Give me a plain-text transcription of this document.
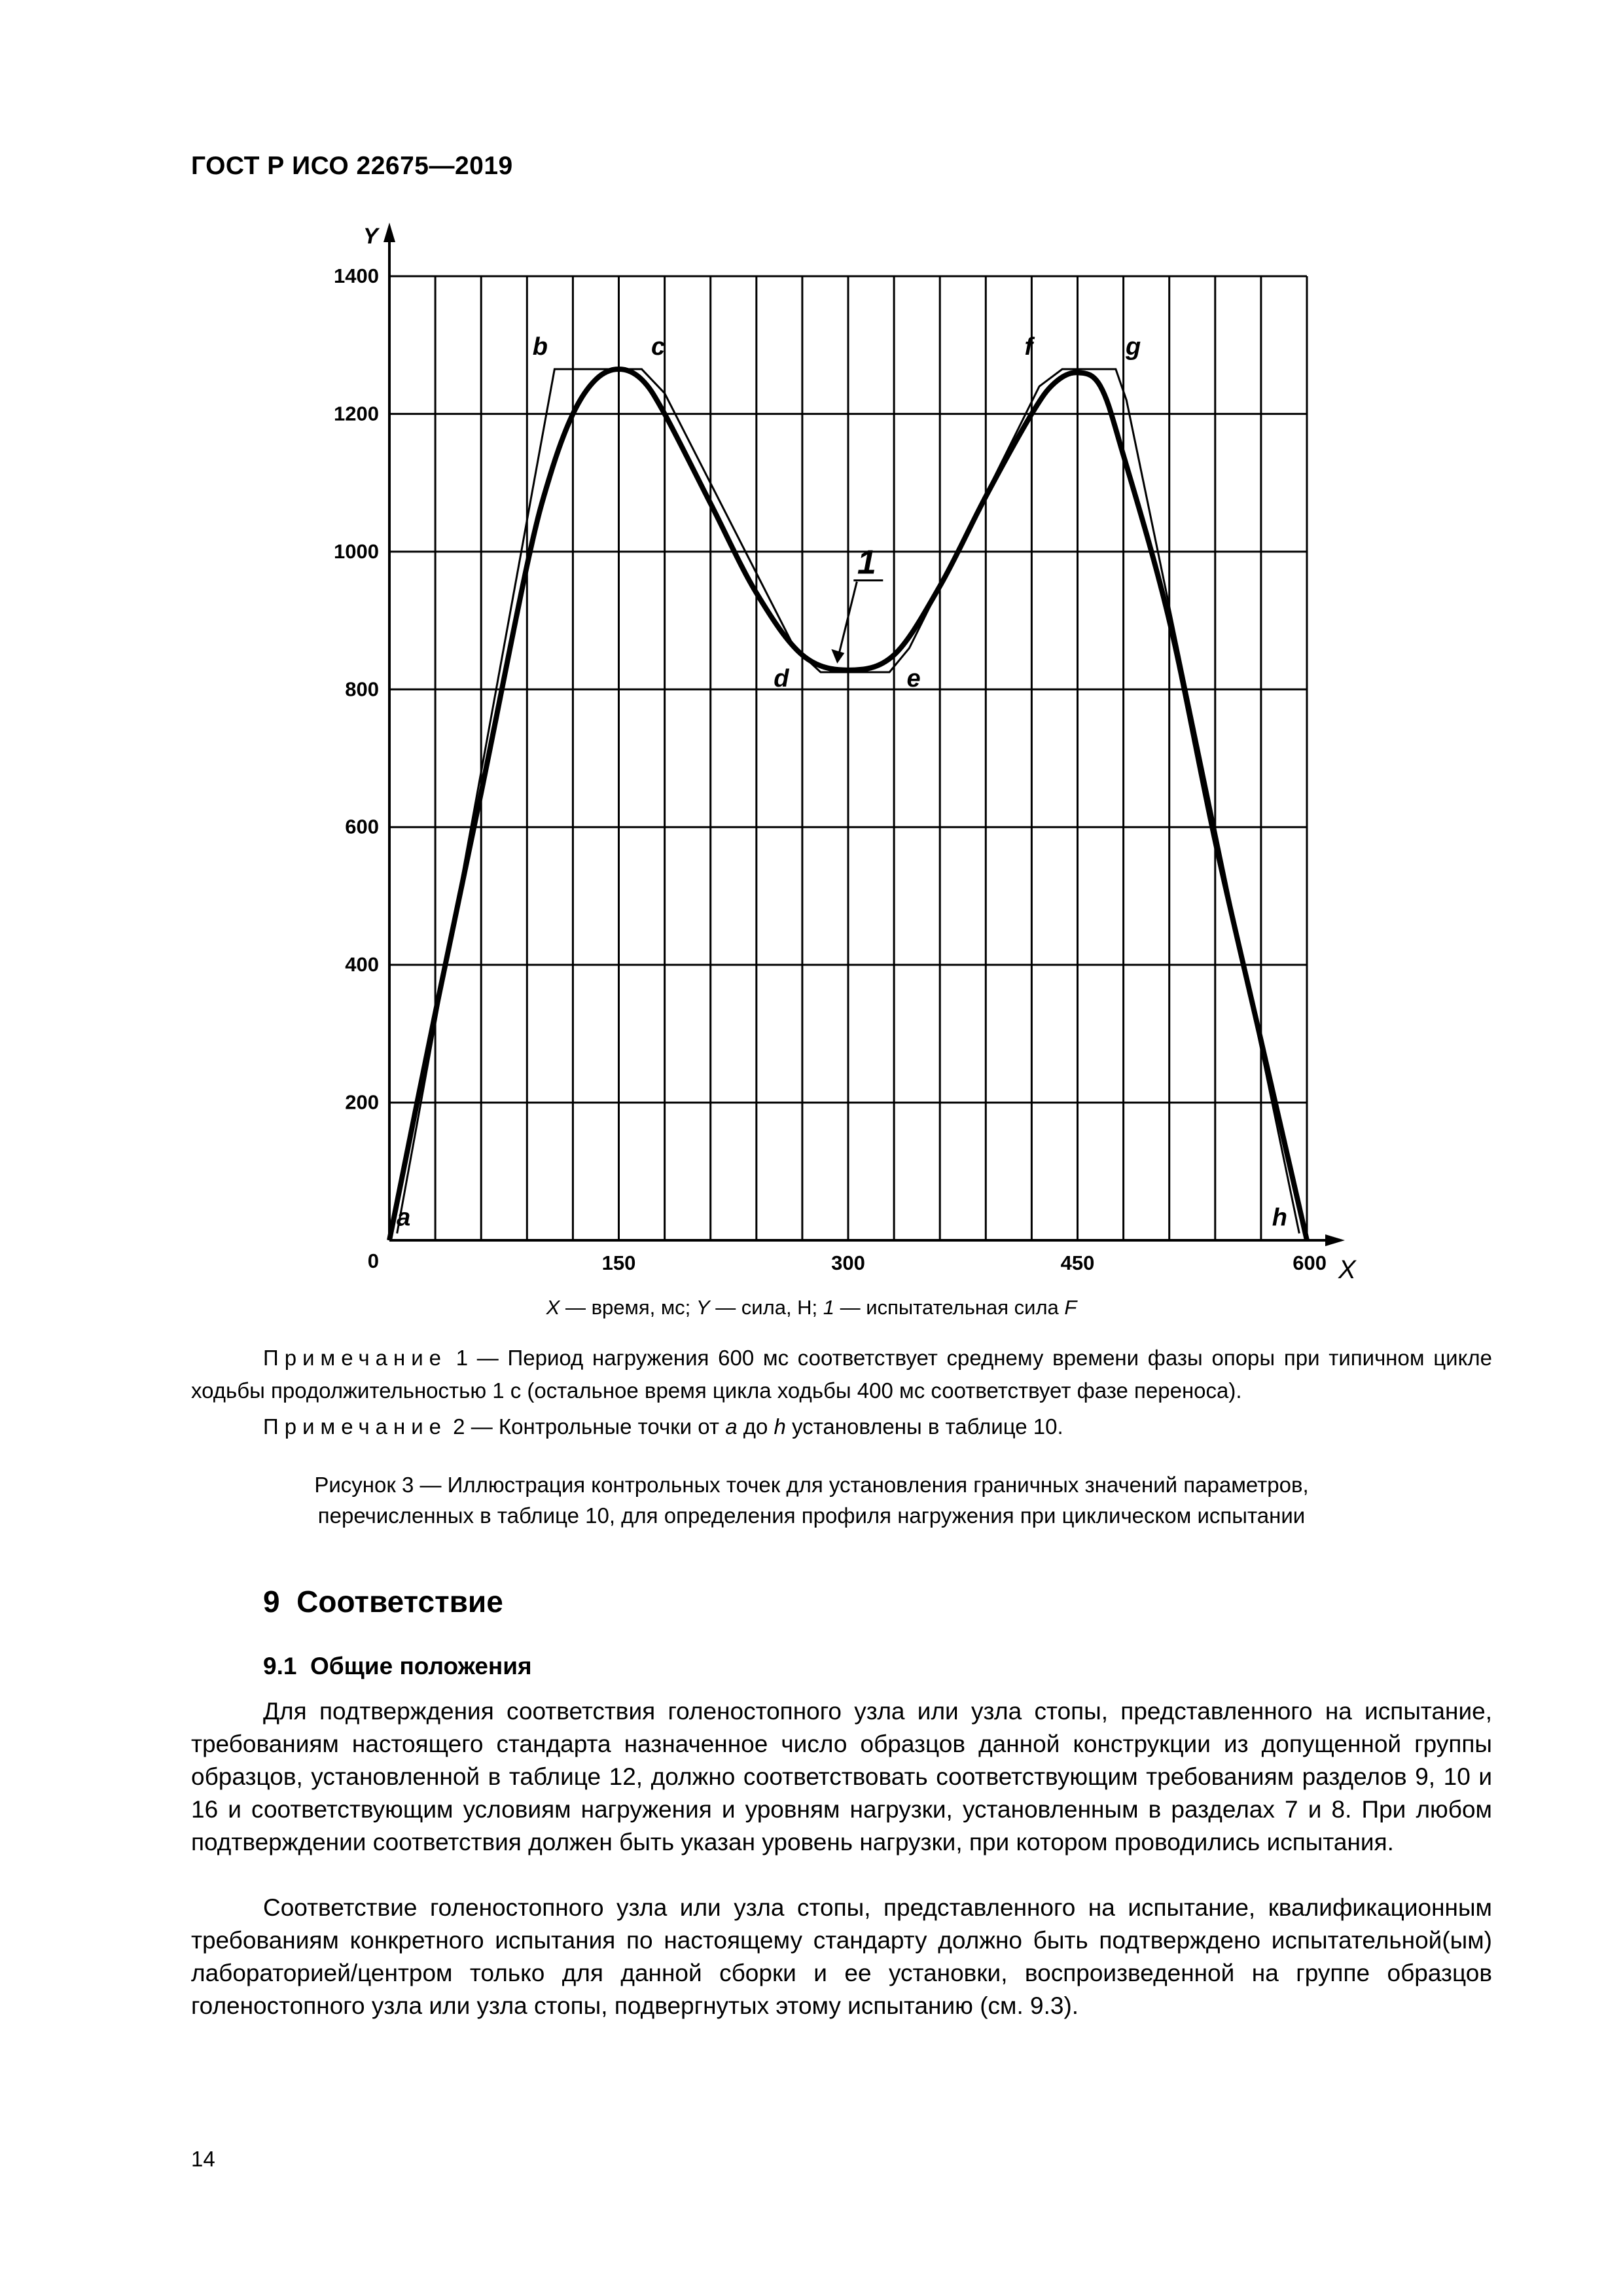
ГОСТ Р ИСО 22675—2019
Y
X
200
400
600
800
1000
1200
1400
0	150	300	450	600
a
b	c
d	e
f	g
h
1
X — время, мс; Y — сила, Н; 1 — испытательная сила F
Примечание 1 — Период нагружения 600 мс соответствует среднему времени фазы опоры при типичном цикле ходьбы продолжительностью 1 с (остальное время цикла ходьбы 400 мс соответствует фазе переноса).
Примечание 2 — Контрольные точки от a до h установлены в таблице 10.
Рисунок 3 — Иллюстрация контрольных точек для установления граничных значений параметров,
перечисленных в таблице 10, для определения профиля нагружения при циклическом испытании
9 Соответствие
9.1 Общие положения
Для подтверждения соответствия голеностопного узла или узла стопы, представленного на испытание, требованиям настоящего стандарта назначенное число образцов данной конструкции из допущенной группы образцов, установленной в таблице 12, должно соответствовать соответствующим требованиям разделов 9, 10 и 16 и соответствующим условиям нагружения и уровням нагрузки, установленным в разделах 7 и 8. При любом подтверждении соответствия должен быть указан уровень нагрузки, при котором проводились испытания.
Соответствие голеностопного узла или узла стопы, представленного на испытание, квалификационным требованиям конкретного испытания по настоящему стандарту должно быть подтверждено испытательной(ым) лабораторией/центром только для данной сборки и ее установки, воспроизведенной на группе образцов голеностопного узла или узла стопы, подвергнутых этому испытанию (см. 9.3).
14
